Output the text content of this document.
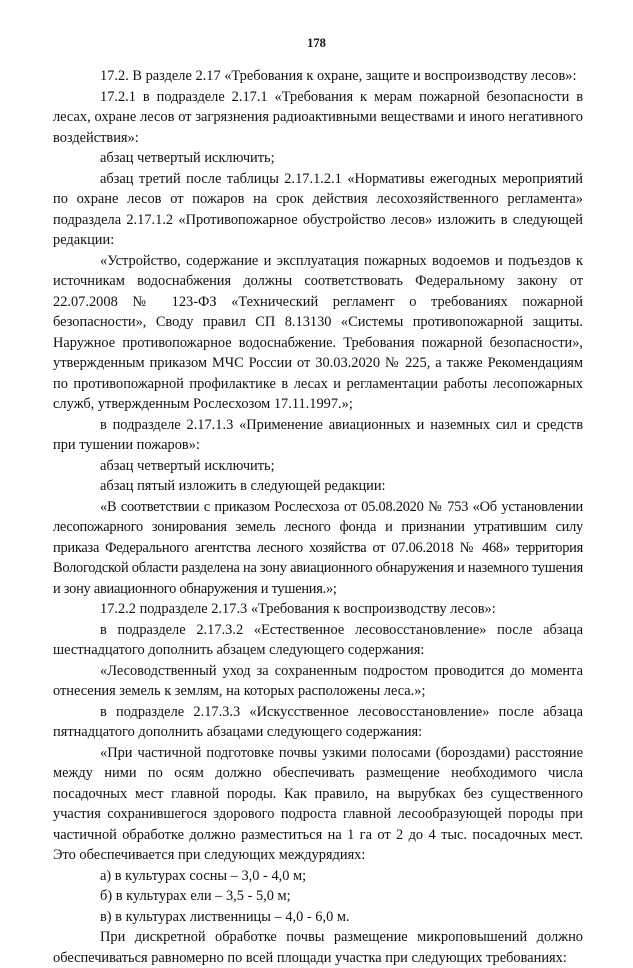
178

17.2. В разделе 2.17 «Требования к охране, защите и воспроизводству лесов»:

17.2.1 в подразделе 2.17.1 «Требования к мерам пожарной безопасности в лесах, охране лесов от загрязнения радиоактивными веществами и иного негативного воздействия»:

абзац четвертый исключить;

абзац третий после таблицы 2.17.1.2.1 «Нормативы ежегодных мероприятий по охране лесов от пожаров на срок действия лесохозяйственного регламента» подраздела 2.17.1.2 «Противопожарное обустройство лесов» изложить в следующей редакции:

«Устройство, содержание и эксплуатация пожарных водоемов и подъездов к источникам водоснабжения должны соответствовать Федеральному закону от 22.07.2008 № 123-ФЗ «Технический регламент о требованиях пожарной безопасности», Своду правил СП 8.13130 «Системы противопожарной защиты. Наружное противопожарное водоснабжение. Требования пожарной безопасности», утвержденным приказом МЧС России от 30.03.2020 № 225, а также Рекомендациям по противопожарной профилактике в лесах и регламентации работы лесопожарных служб, утвержденным Рослесхозом 17.11.1997.»;

в подразделе 2.17.1.3 «Применение авиационных и наземных сил и средств при тушении пожаров»:

абзац четвертый исключить;

абзац пятый изложить в следующей редакции:

«В соответствии с приказом Рослесхоза от 05.08.2020 № 753 «Об установлении лесопожарного зонирования земель лесного фонда и признании утратившим силу приказа Федерального агентства лесного хозяйства от 07.06.2018 № 468» территория Вологодской области разделена на зону авиационного обнаружения и наземного тушения и зону авиационного обнаружения и тушения.»;

17.2.2 подразделе 2.17.3 «Требования к воспроизводству лесов»:

в подразделе 2.17.3.2 «Естественное лесовосстановление» после абзаца шестнадцатого дополнить абзацем следующего содержания:

«Лесоводственный уход за сохраненным подростом проводится до момента отнесения земель к землям, на которых расположены леса.»;

в подразделе 2.17.3.3 «Искусственное лесовосстановление» после абзаца пятнадцатого дополнить абзацами следующего содержания:

«При частичной подготовке почвы узкими полосами (бороздами) расстояние между ними по осям должно обеспечивать размещение необходимого числа посадочных мест главной породы. Как правило, на вырубках без существенного участия сохранившегося здорового подроста главной лесообразующей породы при частичной обработке должно разместиться на 1 га от 2 до 4 тыс. посадочных мест. Это обеспечивается при следующих междурядиях:

а) в культурах сосны – 3,0 - 4,0 м;

б) в культурах ели – 3,5 - 5,0 м;

в) в культурах лиственницы – 4,0 - 6,0 м.

При дискретной обработке почвы размещение микроповышений должно обеспечиваться равномерно по всей площади участка при следующих требованиях:
